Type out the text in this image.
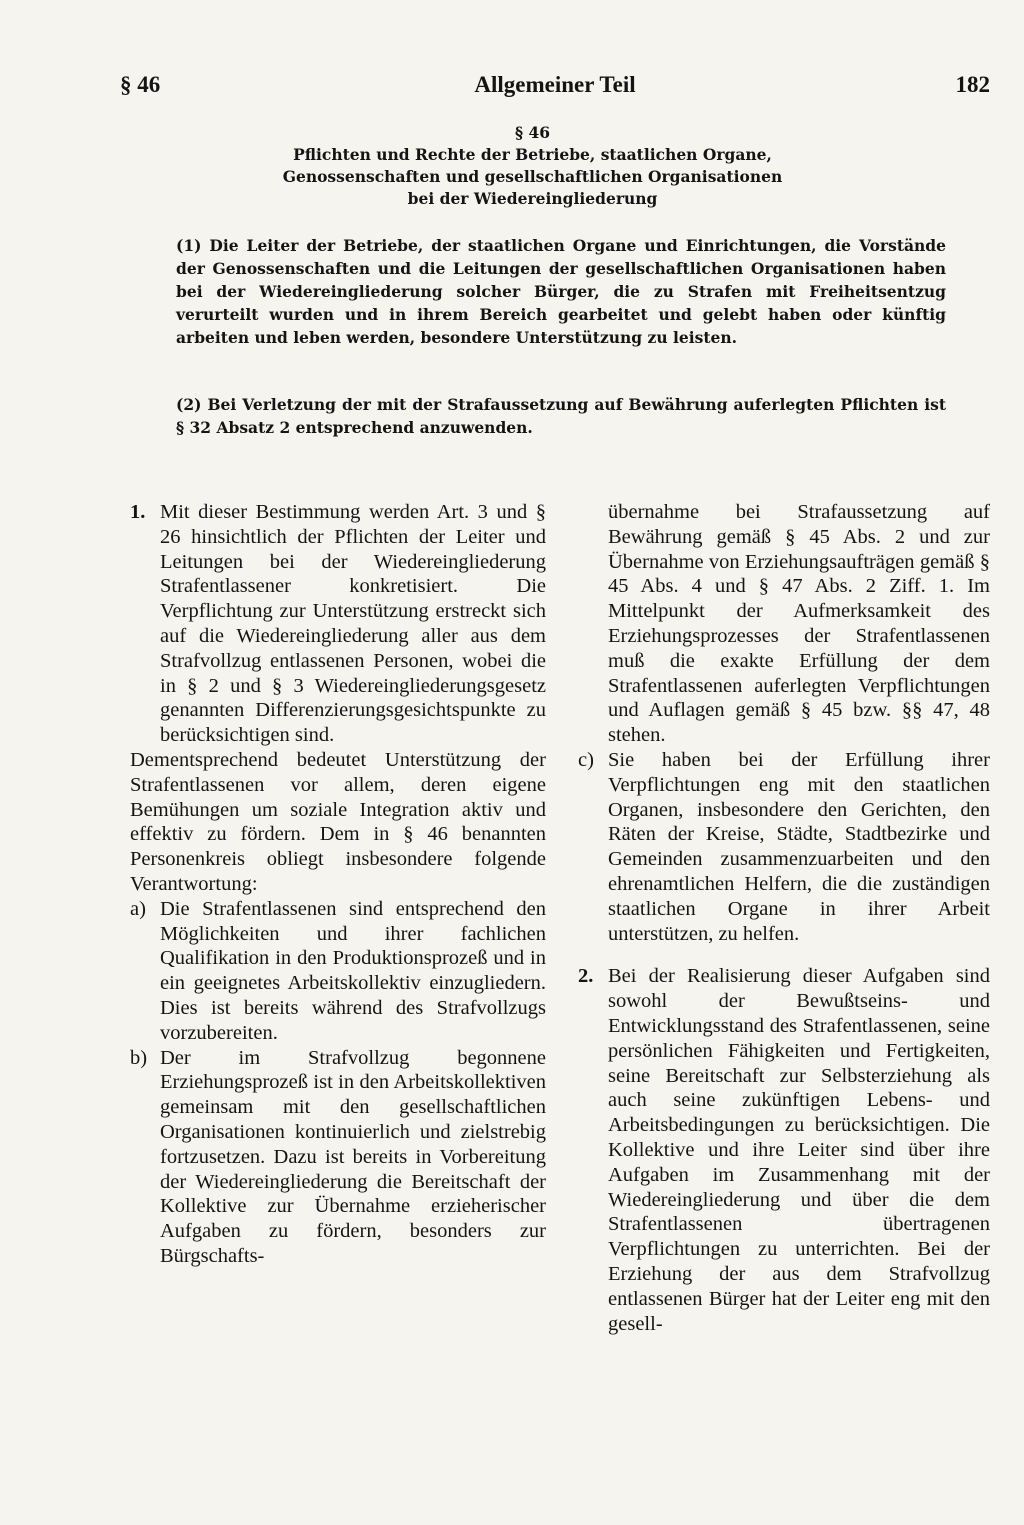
§ 46	Allgemeiner Teil	182
§ 46
Pflichten und Rechte der Betriebe, staatlichen Organe,
Genossenschaften und gesellschaftlichen Organisationen
bei der Wiedereingliederung
(1) Die Leiter der Betriebe, der staatlichen Organe und Einrichtungen, die Vorstände der Genossenschaften und die Leitungen der gesellschaftlichen Organisationen haben bei der Wiedereingliederung solcher Bürger, die zu Strafen mit Freiheitsentzug verurteilt wurden und in ihrem Bereich gearbeitet und gelebt haben oder künftig arbeiten und leben werden, besondere Unterstützung zu leisten.
(2) Bei Verletzung der mit der Strafaussetzung auf Bewährung auferlegten Pflichten ist § 32 Absatz 2 entsprechend anzuwenden.
1. Mit dieser Bestimmung werden Art. 3 und § 26 hinsichtlich der Pflichten der Leiter und Leitungen bei der Wiedereingliederung Strafentlassener konkretisiert. Die Verpflichtung zur Unterstützung erstreckt sich auf die Wiedereingliederung aller aus dem Strafvollzug entlassenen Personen, wobei die in § 2 und § 3 Wiedereingliederungsgesetz genannten Differenzierungsgesichtspunkte zu berücksichtigen sind.

Dementsprechend bedeutet Unterstützung der Strafentlassenen vor allem, deren eigene Bemühungen um soziale Integration aktiv und effektiv zu fördern. Dem in § 46 benannten Personenkreis obliegt insbesondere folgende Verantwortung:

a) Die Strafentlassenen sind entsprechend den Möglichkeiten und ihrer fachlichen Qualifikation in den Produktionsprozeß und in ein geeignetes Arbeitskollektiv einzugliedern. Dies ist bereits während des Strafvollzugs vorzubereiten.

b) Der im Strafvollzug begonnene Erziehungsprozeß ist in den Arbeitskollektiven gemeinsam mit den gesellschaftlichen Organisationen kontinuierlich und zielstrebig fortzusetzen. Dazu ist bereits in Vorbereitung der Wiedereingliederung die Bereitschaft der Kollektive zur Übernahme erzieherischer Aufgaben zu fördern, besonders zur Bürgschafts-

übernahme bei Strafaussetzung auf Bewährung gemäß § 45 Abs. 2 und zur Übernahme von Erziehungsaufträgen gemäß § 45 Abs. 4 und § 47 Abs. 2 Ziff. 1. Im Mittelpunkt der Aufmerksamkeit des Erziehungsprozesses der Strafentlassenen muß die exakte Erfüllung der dem Strafentlassenen auferlegten Verpflichtungen und Auflagen gemäß § 45 bzw. §§ 47, 48 stehen.

c) Sie haben bei der Erfüllung ihrer Verpflichtungen eng mit den staatlichen Organen, insbesondere den Gerichten, den Räten der Kreise, Städte, Stadtbezirke und Gemeinden zusammenzuarbeiten und den ehrenamtlichen Helfern, die die zuständigen staatlichen Organe in ihrer Arbeit unterstützen, zu helfen.

2. Bei der Realisierung dieser Aufgaben sind sowohl der Bewußtseins- und Entwicklungsstand des Strafentlassenen, seine persönlichen Fähigkeiten und Fertigkeiten, seine Bereitschaft zur Selbsterziehung als auch seine zukünftigen Lebens- und Arbeitsbedingungen zu berücksichtigen. Die Kollektive und ihre Leiter sind über ihre Aufgaben im Zusammenhang mit der Wiedereingliederung und über die dem Strafentlassenen übertragenen Verpflichtungen zu unterrichten. Bei der Erziehung der aus dem Strafvollzug entlassenen Bürger hat der Leiter eng mit den gesell-
